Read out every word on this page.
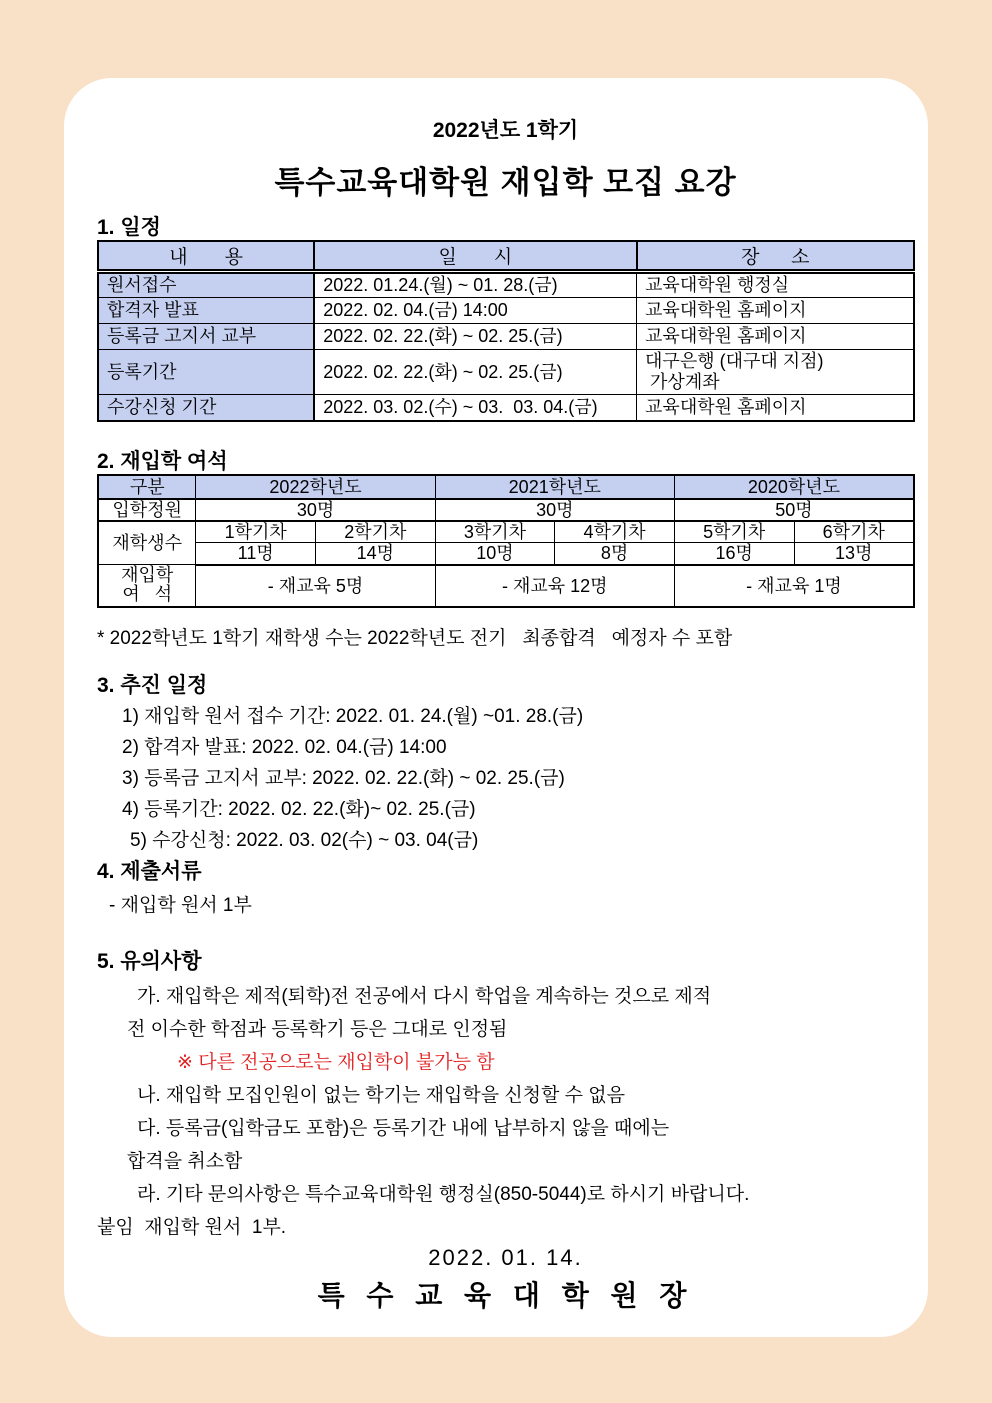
2022년도 1학기
특수교육대학원 재입학 모집 요강
1. 일정
내       용	일       시	장      소
원서접수	2022. 01.24.(월) ~ 01. 28.(금)	교육대학원 행정실
합격자 발표	2022. 02. 04.(금) 14:00	교육대학원 홈페이지
등록금 고지서 교부	2022. 02. 22.(화) ~ 02. 25.(금)	교육대학원 홈페이지
등록기간	2022. 02. 22.(화) ~ 02. 25.(금)	대구은행 (대구대 지점)
가상계좌

수강신청 기간	2022. 03. 02.(수) ~ 03.  03. 04.(금)	교육대학원 홈페이지
2. 재입학 여석
구분	2022학년도		2021학년도		2020학년도	
입학정원	30명		30명		50명	
재학생수	1학기차	2학기차	3학기차	4학기차	5학기차	6학기차
	11명	14명	10명	8명	16명	13명

재입학
여   석	- 재교육 5명		- 재교육 12명		- 재교육 1명	
* 2022학년도 1학기 재학생 수는 2022학년도 전기   최종합격   예정자 수 포함
3. 추진 일정
1) 재입학 원서 접수 기간: 2022. 01. 24.(월) ~01. 28.(금)
2) 합격자 발표: 2022. 02. 04.(금) 14:00
3) 등록금 고지서 교부: 2022. 02. 22.(화) ~ 02. 25.(금)
4) 등록기간: 2022. 02. 22.(화)~ 02. 25.(금)
5) 수강신청: 2022. 03. 02(수) ~ 03. 04(금)
4. 제출서류
- 재입학 원서 1부
5. 유의사항
가. 재입학은 제적(퇴학)전 전공에서 다시 학업을 계속하는 것으로 제적
전 이수한 학점과 등록학기 등은 그대로 인정됨
※ 다른 전공으로는 재입학이 불가능 함
나. 재입학 모집인원이 없는 학기는 재입학을 신청할 수 없음
다. 등록금(입학금도 포함)은 등록기간 내에 납부하지 않을 때에는
합격을 취소함
라. 기타 문의사항은 특수교육대학원 행정실(850-5044)로 하시기 바랍니다.
붙임  재입학 원서  1부.
2022. 01. 14.
특 수 교 육 대 학 원 장
